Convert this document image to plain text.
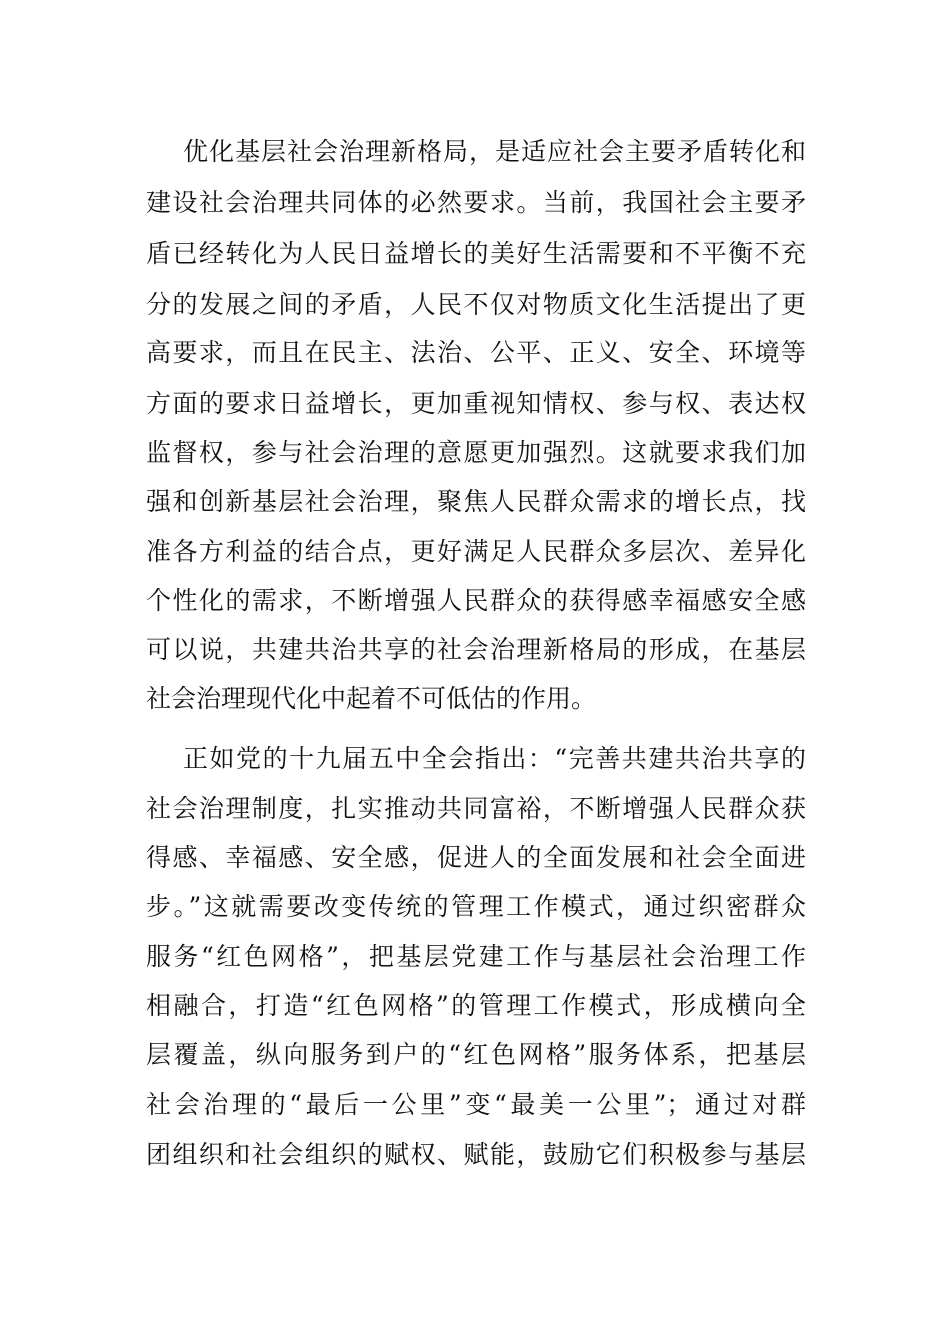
优化基层社会治理新格局，是适应社会主要矛盾转化和
建设社会治理共同体的必然要求。当前，我国社会主要矛
盾已经转化为人民日益增长的美好生活需要和不平衡不充
分的发展之间的矛盾，人民不仅对物质文化生活提出了更
高要求，而且在民主、法治、公平、正义、安全、环境等
方面的要求日益增长，更加重视知情权、参与权、表达权
监督权，参与社会治理的意愿更加强烈。这就要求我们加
强和创新基层社会治理，聚焦人民群众需求的增长点，找
准各方利益的结合点，更好满足人民群众多层次、差异化
个性化的需求，不断增强人民群众的获得感幸福感安全感
可以说，共建共治共享的社会治理新格局的形成，在基层
社会治理现代化中起着不可低估的作用。
正如党的十九届五中全会指出：“完善共建共治共享的
社会治理制度，扎实推动共同富裕，不断增强人民群众获
得感、幸福感、安全感，促进人的全面发展和社会全面进
步。”这就需要改变传统的管理工作模式，通过织密群众
服务“红色网格”，把基层党建工作与基层社会治理工作
相融合，打造“红色网格”的管理工作模式，形成横向全
层覆盖，纵向服务到户的“红色网格”服务体系，把基层
社会治理的“最后一公里”变“最美一公里”；通过对群
团组织和社会组织的赋权、赋能，鼓励它们积极参与基层
